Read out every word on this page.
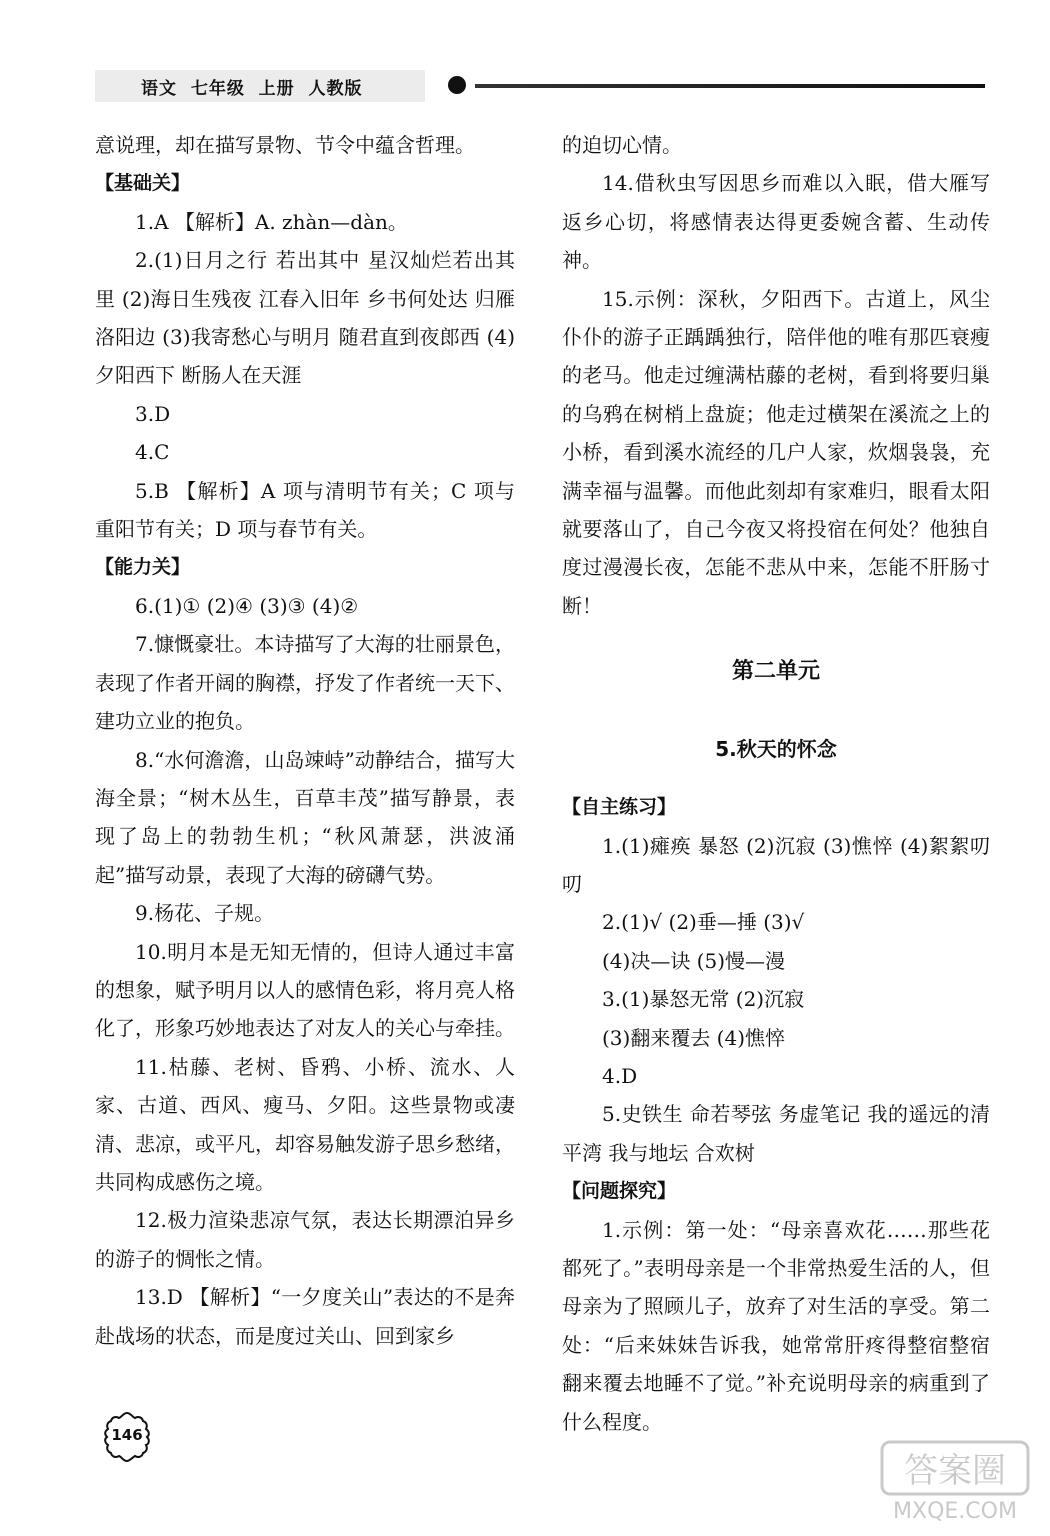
语文  七年级  上册  人教版

意说理，却在描写景物、节令中蕴含哲理。

【基础关】

1.A 【解析】A. zhàn—dàn。

2.(1)日月之行 若出其中 星汉灿烂若出其里 (2)海日生残夜 江春入旧年 乡书何处达 归雁洛阳边 (3)我寄愁心与明月 随君直到夜郎西 (4)夕阳西下 断肠人在天涯

3.D

4.C

5.B 【解析】A 项与清明节有关；C 项与重阳节有关；D 项与春节有关。

【能力关】

6.(1)① (2)④ (3)③ (4)②

7.慷慨豪壮。本诗描写了大海的壮丽景色，表现了作者开阔的胸襟，抒发了作者统一天下、建功立业的抱负。

8.“水何澹澹，山岛竦峙”动静结合，描写大海全景；“树木丛生，百草丰茂”描写静景，表现了岛上的勃勃生机；“秋风萧瑟，洪波涌起”描写动景，表现了大海的磅礴气势。

9.杨花、子规。

10.明月本是无知无情的，但诗人通过丰富的想象，赋予明月以人的感情色彩，将月亮人格化了，形象巧妙地表达了对友人的关心与牵挂。

11.枯藤、老树、昏鸦、小桥、流水、人家、古道、西风、瘦马、夕阳。这些景物或凄清、悲凉，或平凡，却容易触发游子思乡愁绪，共同构成感伤之境。

12.极力渲染悲凉气氛，表达长期漂泊异乡的游子的惆怅之情。

13.D 【解析】“一夕度关山”表达的不是奔赴战场的状态，而是度过关山、回到家乡

的迫切心情。

14.借秋虫写因思乡而难以入眠，借大雁写返乡心切，将感情表达得更委婉含蓄、生动传神。

15.示例：深秋，夕阳西下。古道上，风尘仆仆的游子正踽踽独行，陪伴他的唯有那匹衰瘦的老马。他走过缠满枯藤的老树，看到将要归巢的乌鸦在树梢上盘旋；他走过横架在溪流之上的小桥，看到溪水流经的几户人家，炊烟袅袅，充满幸福与温馨。而他此刻却有家难归，眼看太阳就要落山了，自己今夜又将投宿在何处？他独自度过漫漫长夜，怎能不悲从中来，怎能不肝肠寸断！

第二单元

5.秋天的怀念

【自主练习】

1.(1)瘫痪 暴怒 (2)沉寂 (3)憔悴 (4)絮絮叨叨

2.(1)√ (2)垂—捶 (3)√

(4)决—诀 (5)慢—漫

3.(1)暴怒无常 (2)沉寂

(3)翻来覆去 (4)憔悴

4.D

5.史铁生 命若琴弦 务虚笔记 我的遥远的清平湾 我与地坛 合欢树

【问题探究】

1.示例：第一处：“母亲喜欢花……那些花都死了。”表明母亲是一个非常热爱生活的人，但母亲为了照顾儿子，放弃了对生活的享受。第二处：“后来妹妹告诉我，她常常肝疼得整宿整宿翻来覆去地睡不了觉。”补充说明母亲的病重到了什么程度。

146
答案圈
MXQE.COM
